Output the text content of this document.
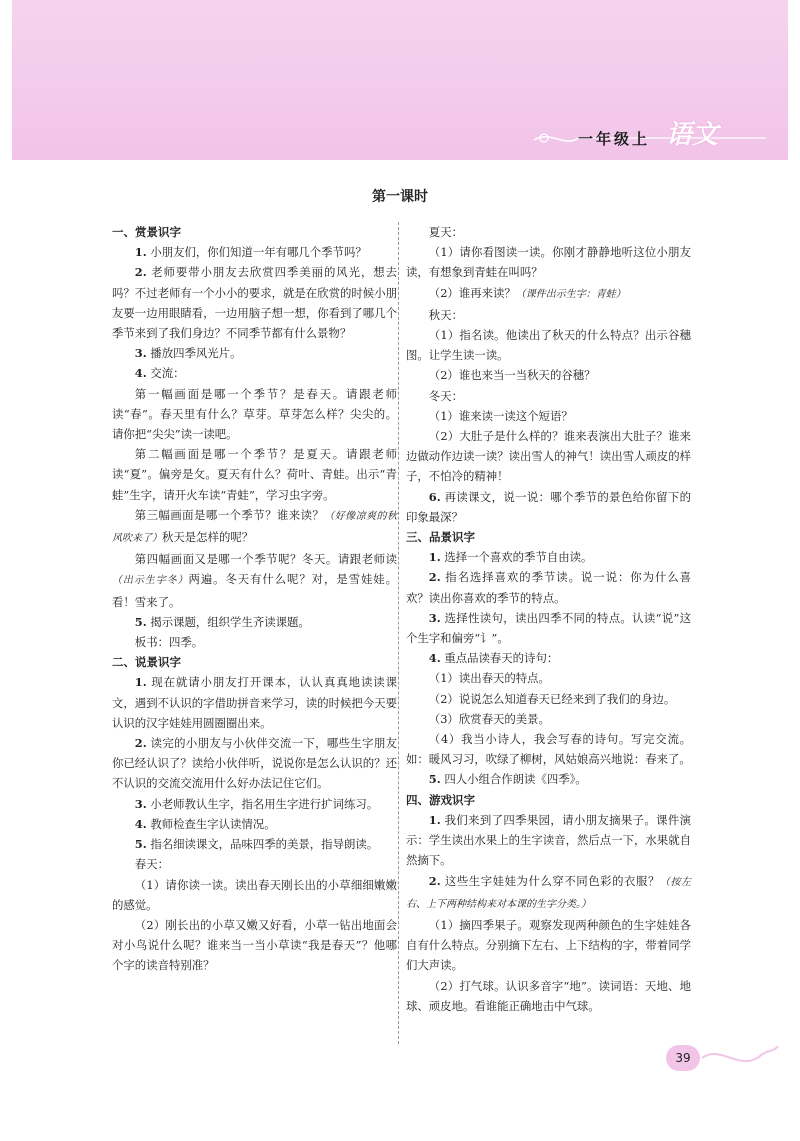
一年级上 语文
第一课时

一、赏景识字

1. 小朋友们，你们知道一年有哪几个季节吗？

2. 老师要带小朋友去欣赏四季美丽的风光，想去吗？不过老师有一个小小的要求，就是在欣赏的时候小朋友要一边用眼睛看，一边用脑子想一想，你看到了哪几个季节来到了我们身边？不同季节都有什么景物？

3. 播放四季风光片。

4. 交流：

第一幅画面是哪一个季节？是春天。请跟老师读“春”。春天里有什么？草芽。草芽怎么样？尖尖的。请你把“尖尖”读一读吧。

第二幅画面是哪一个季节？是夏天。请跟老师读“夏”。偏旁是攵。夏天有什么？荷叶、青蛙。出示“青蛙”生字，请开火车读“青蛙”，学习虫字旁。

第三幅画面是哪一个季节？谁来读？（好像凉爽的秋风吹来了）秋天是怎样的呢？

第四幅画面又是哪一个季节呢？冬天。请跟老师读（出示生字冬）两遍。冬天有什么呢？对，是雪娃娃。看！雪来了。

5. 揭示课题，组织学生齐读课题。

板书：四季。

二、说景识字

1. 现在就请小朋友打开课本，认认真真地读读课文，遇到不认识的字借助拼音来学习，读的时候把今天要认识的汉字娃娃用圆圈圈出来。

2. 读完的小朋友与小伙伴交流一下，哪些生字朋友你已经认识了？读给小伙伴听，说说你是怎么认识的？还不认识的交流交流用什么好办法记住它们。

3. 小老师教认生字，指名用生字进行扩词练习。

4. 教师检查生字认读情况。

5. 指名细读课文，品味四季的美景，指导朗读。

春天：

（1）请你读一读。读出春天刚长出的小草细细嫩嫩的感觉。

（2）刚长出的小草又嫩又好看，小草一钻出地面会对小鸟说什么呢？谁来当一当小草读“我是春天”？他哪个字的读音特别准？

夏天：

（1）请你看图读一读。你刚才静静地听这位小朋友读，有想象到青蛙在叫吗？

（2）谁再来读？（课件出示生字：青蛙）

秋天：

（1）指名读。他读出了秋天的什么特点？出示谷穗图。让学生读一读。

（2）谁也来当一当秋天的谷穗？

冬天：

（1）谁来读一读这个短语？

（2）大肚子是什么样的？谁来表演出大肚子？谁来边做动作边读一读？读出雪人的神气！读出雪人顽皮的样子，不怕冷的精神！

6. 再读课文，说一说：哪个季节的景色给你留下的印象最深？

三、品景识字

1. 选择一个喜欢的季节自由读。

2. 指名选择喜欢的季节读。说一说：你为什么喜欢？读出你喜欢的季节的特点。

3. 选择性读句，读出四季不同的特点。认读“说”这个生字和偏旁“讠”。

4. 重点品读春天的诗句：

（1）读出春天的特点。

（2）说说怎么知道春天已经来到了我们的身边。

（3）欣赏春天的美景。

（4）我当小诗人，我会写春的诗句。写完交流。如：暖风习习，吹绿了柳树，风姑娘高兴地说：春来了。

5. 四人小组合作朗读《四季》。

四、游戏识字

1. 我们来到了四季果园，请小朋友摘果子。课件演示：学生读出水果上的生字读音，然后点一下，水果就自然摘下。

2. 这些生字娃娃为什么穿不同色彩的衣服？（按左右、上下两种结构来对本课的生字分类。）

（1）摘四季果子。观察发现两种颜色的生字娃娃各自有什么特点。分别摘下左右、上下结构的字，带着同学们大声读。

（2）打气球。认识多音字“地”。读词语：天地、地球、顽皮地。看谁能正确地击中气球。

39
